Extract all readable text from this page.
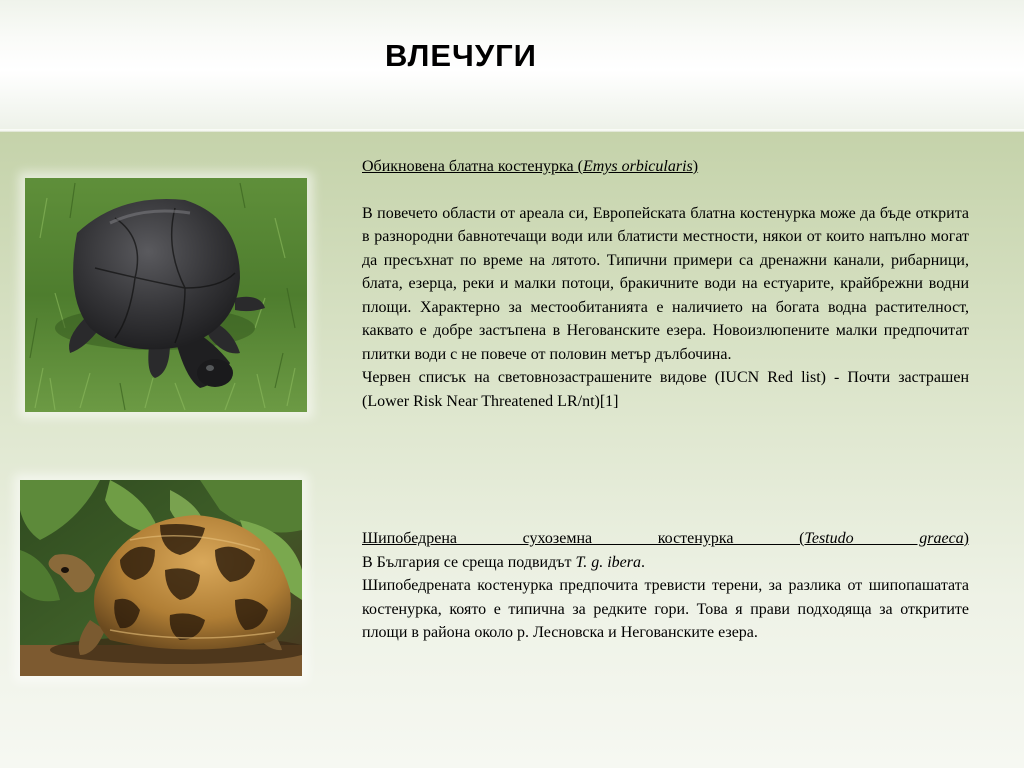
ВЛЕЧУГИ

Обикновена блатна костенурка (Emys orbicularis)

В повечето области от ареала си, Европейската блатна костенурка може да бъде открита в разнородни бавнотечащи води или блатисти местности, някои от които напълно могат да пресъхнат по време на лятото. Типични примери са дренажни канали, рибарници, блата, езерца, реки и малки потоци, бракичните води на естуарите, крайбрежни водни площи. Характерно за местообитанията е наличието на богата водна растителност, каквато е добре застъпена в Негованските езера. Новоизлюпените малки предпочитат плитки води с не повече от половин метър дълбочина.

Червен списък на световнозастрашените видове (IUCN Red list) - Почти застрашен (Lower Risk Near Threatened LR/nt)[1]

Шипобедрена сухоземна костенурка (Testudo graeca)

В България се среща подвидът T. g. ibera.

Шипобедрената костенурка предпочита тревисти терени, за разлика от шипопашатата костенурка, която е типична за редките гори. Това я прави подходяща за откритите площи в района около р. Лесновска и Негованските езера.
